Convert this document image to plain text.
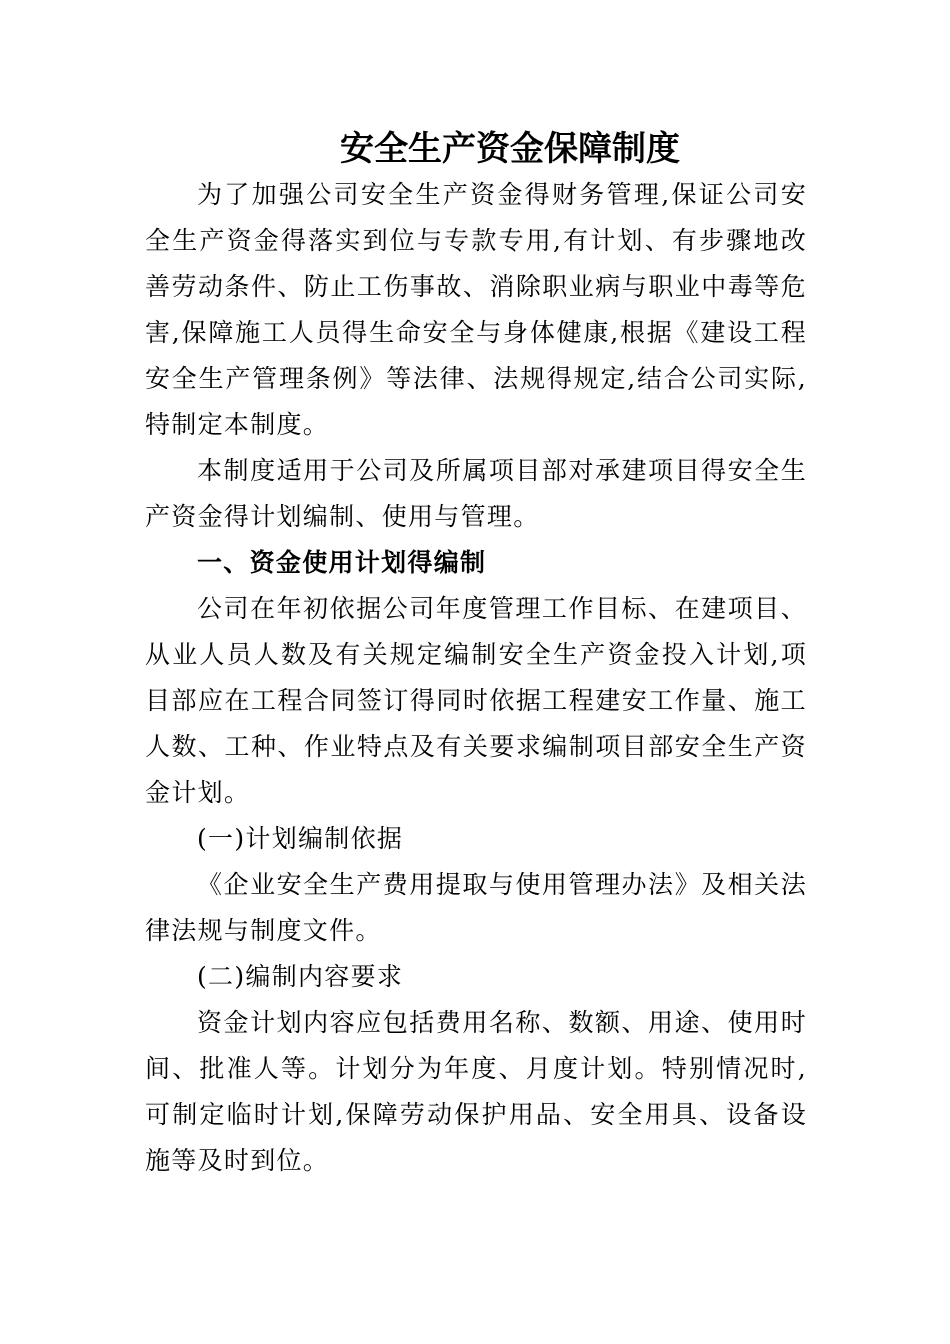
安全生产资金保障制度

为了加强公司安全生产资金得财务管理,保证公司安全生产资金得落实到位与专款专用,有计划、有步骤地改善劳动条件、防止工伤事故、消除职业病与职业中毒等危害,保障施工人员得生命安全与身体健康,根据《建设工程安全生产管理条例》等法律、法规得规定,结合公司实际,特制定本制度。

本制度适用于公司及所属项目部对承建项目得安全生产资金得计划编制、使用与管理。

一、资金使用计划得编制

公司在年初依据公司年度管理工作目标、在建项目、从业人员人数及有关规定编制安全生产资金投入计划,项目部应在工程合同签订得同时依据工程建安工作量、施工人数、工种、作业特点及有关要求编制项目部安全生产资金计划。

(一)计划编制依据

《企业安全生产费用提取与使用管理办法》及相关法律法规与制度文件。

(二)编制内容要求

资金计划内容应包括费用名称、数额、用途、使用时间、批准人等。计划分为年度、月度计划。特别情况时,可制定临时计划,保障劳动保护用品、安全用具、设备设施等及时到位。
